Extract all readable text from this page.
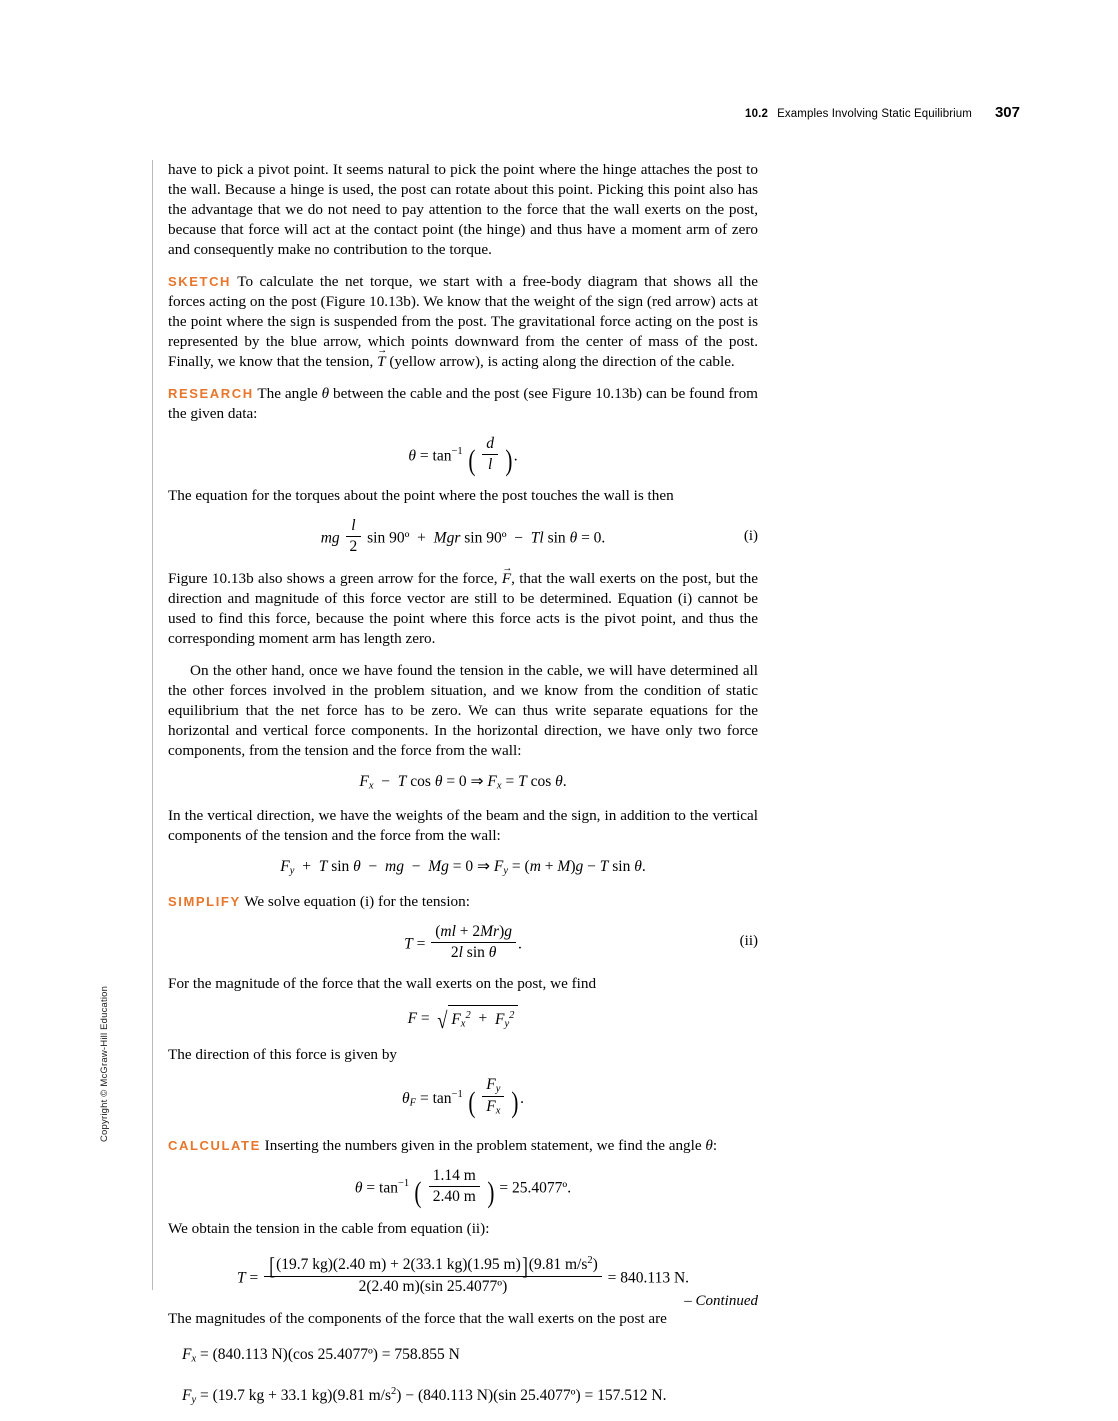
10.2 Examples Involving Static Equilibrium 307
Copyright © McGraw-Hill Education

have to pick a pivot point. It seems natural to pick the point where the hinge attaches the post to the wall. Because a hinge is used, the post can rotate about this point. Picking this point also has the advantage that we do not need to pay attention to the force that the wall exerts on the post, because that force will act at the contact point (the hinge) and thus have a moment arm of zero and consequently make no contribution to the torque.

SKETCH To calculate the net torque, we start with a free-body diagram that shows all the forces acting on the post (Figure 10.13b). We know that the weight of the sign (red arrow) acts at the point where the sign is suspended from the post. The gravitational force acting on the post is represented by the blue arrow, which points downward from the center of mass of the post. Finally, we know that the tension, T → (yellow arrow), is acting along the direction of the cable.

RESEARCH The angle θ between the cable and the post (see Figure 10.13b) can be found from the given data:

$\theta = \tan^{-1}$ ( $\frac{d}{l}$ ).

The equation for the torques about the point where the post touches the wall is then

mg $\frac{l}{2}$ sin 90º  +  Mgr sin 90º  −  Tl sin θ = 0.	(i)

Figure 10.13b also shows a green arrow for the force, F →, that the wall exerts on the post, but the direction and magnitude of this force vector are still to be determined. Equation (i) cannot be used to find this force, because the point where this force acts is the pivot point, and thus the corresponding moment arm has length zero.

On the other hand, once we have found the tension in the cable, we will have determined all the other forces involved in the problem situation, and we know from the condition of static equilibrium that the net force has to be zero. We can thus write separate equations for the horizontal and vertical force components. In the horizontal direction, we have only two force components, from the tension and the force from the wall:

$F_x - T$ cos θ = 0 ⇒ $F_x = T$ cos θ.

In the vertical direction, we have the weights of the beam and the sign, in addition to the vertical components of the tension and the force from the wall:

$F_y + T$ sin θ  −  mg  −  Mg = 0 ⇒ $F_y = (m + M)g - T$ sin θ.

SIMPLIFY We solve equation (i) for the tension:

$T = \frac{(ml + 2Mr)g}{\text{2l sin θ}}$ .	(ii)

For the magnitude of the force that the wall exerts on the post, we find

F = √ $F_x^2 + F_y^2$

The direction of this force is given by

$\theta_F = \tan^{-1}$ ( $\frac{F_y}{F_x}$ ).

CALCULATE Inserting the numbers given in the problem statement, we find the angle θ:

$\theta = \tan^{-1}$ ( $\frac{1.14 m}{2.40 m}$ ) = 25.4077º.

We obtain the tension in the cable from equation (ii):

$T = \frac{[(19.7 kg)(2.40 m) + 2(33.1 kg)(1.95 m)](9.81 m/s^2)}{\text{2(2.40 m)(sin 25.4077º)}} = 840.113$ N.

The magnitudes of the components of the force that the wall exerts on the post are

$F_x = (840.113$ N)(cos 25.4077º) = 758.855 N
$F_y = (19.7$ kg + 33.1 kg)(9.81 $m/s^2) - (840.113$ N)(sin 25.4077º) = 157.512 N.
– Continued
